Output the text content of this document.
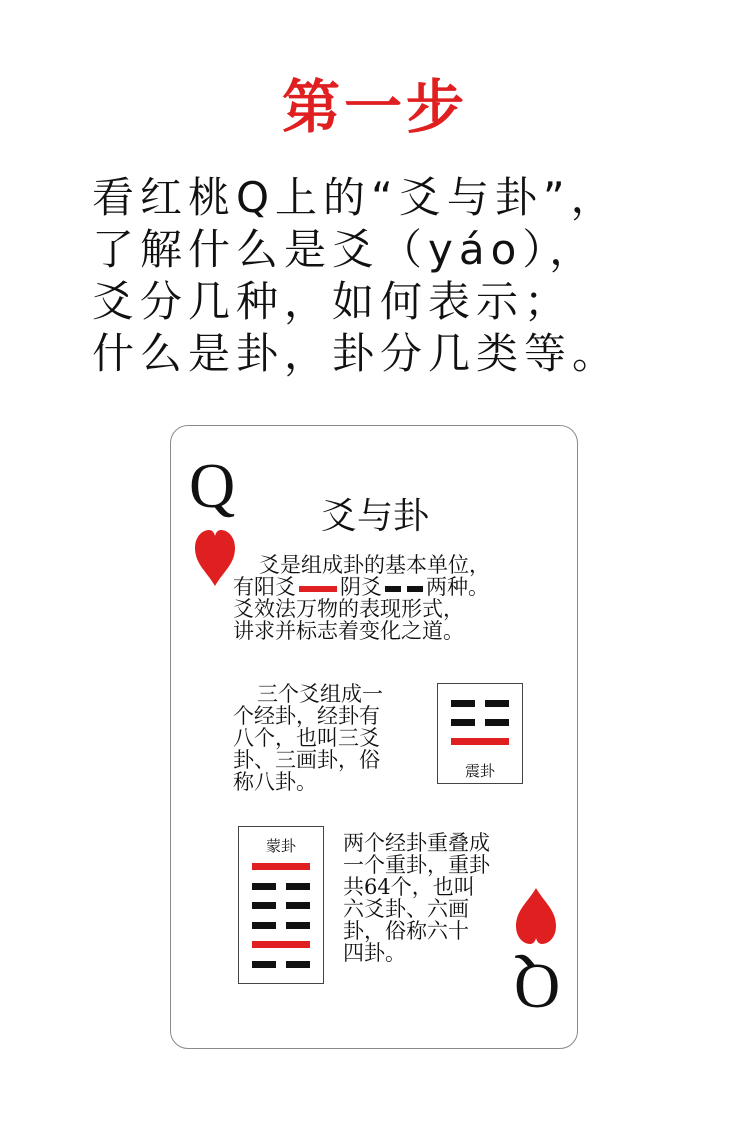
第一步
看红桃Q上的“爻与卦”，
了解什么是爻（yáo），
爻分几种，如何表示；
什么是卦，卦分几类等。
Q	爻与卦
爻是组成卦的基本单位，
有阳爻 阴爻 两种。
爻效法万物的表现形式，
讲求并标志着变化之道。
三个爻组成一
个经卦，经卦有
八个，也叫三爻
卦、三画卦，俗
称八卦。	震卦
蒙卦	两个经卦重叠成
一个重卦，重卦
共64个，也叫
六爻卦、六画
卦，俗称六十
四卦。	Q
